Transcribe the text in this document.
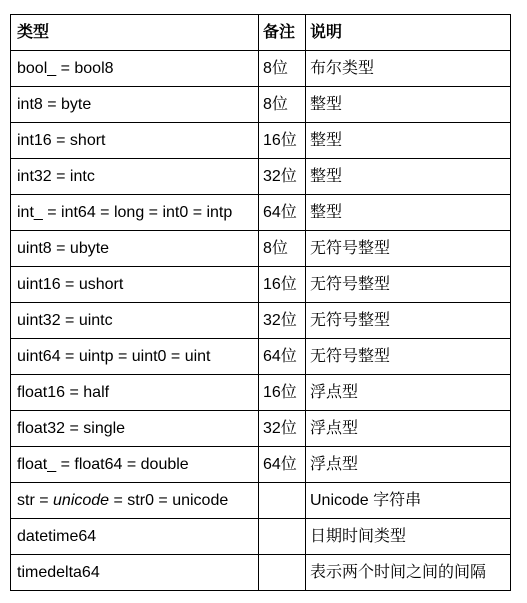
类型	备注	说明
bool_ = bool8	8位	布尔类型
int8 = byte	8位	整型
int16 = short	16位	整型
int32 = intc	32位	整型
int_ = int64 = long = int0 = intp	64位	整型
uint8 = ubyte	8位	无符号整型
uint16 = ushort	16位	无符号整型
uint32 = uintc	32位	无符号整型
uint64 = uintp = uint0 = uint	64位	无符号整型
float16 = half	16位	浮点型
float32 = single	32位	浮点型
float_ = float64 = double	64位	浮点型
str = unicode = str0 = unicode		Unicode 字符串
datetime64		日期时间类型
timedelta64		表示两个时间之间的间隔
